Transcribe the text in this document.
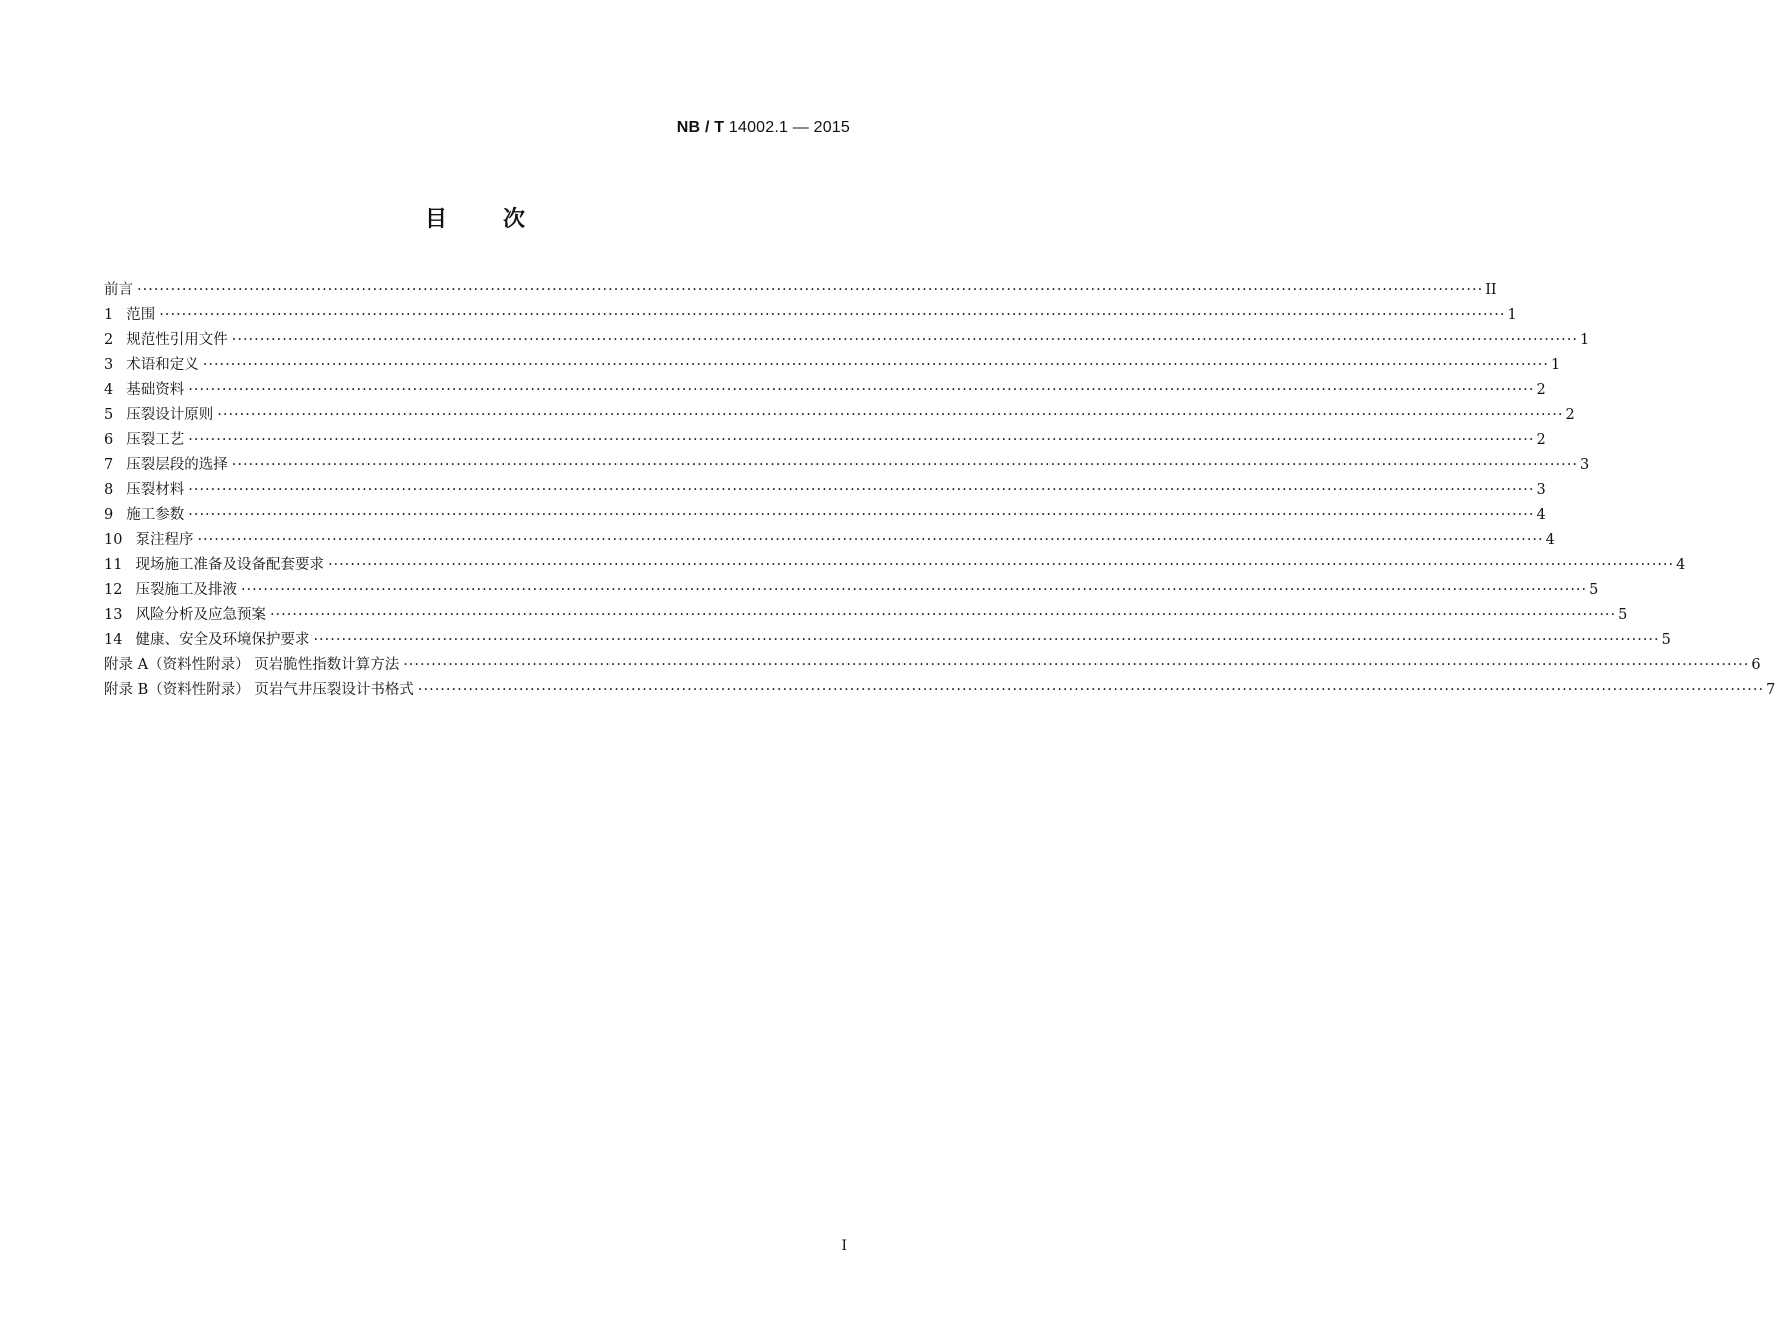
NB / T 14002.1 — 2015
目	次
前言 ················································································································································································································································ II
1 范围 ················································································································································································································································ 1
2 规范性引用文件 ················································································································································································································································ 1
3 术语和定义 ················································································································································································································································ 1
4 基础资料 ················································································································································································································································ 2
5 压裂设计原则 ················································································································································································································································ 2
6 压裂工艺 ················································································································································································································································ 2
7 压裂层段的选择 ················································································································································································································································ 3
8 压裂材料 ················································································································································································································································ 3
9 施工参数 ················································································································································································································································ 4
10 泵注程序 ················································································································································································································································ 4
11 现场施工准备及设备配套要求 ················································································································································································································································ 4
12 压裂施工及排液 ················································································································································································································································ 5
13 风险分析及应急预案 ················································································································································································································································ 5
14 健康、安全及环境保护要求 ················································································································································································································································ 5
附录 A（资料性附录） 页岩脆性指数计算方法 ················································································································································································································································ 6
附录 B（资料性附录） 页岩气井压裂设计书格式 ················································································································································································································································ 7
I
